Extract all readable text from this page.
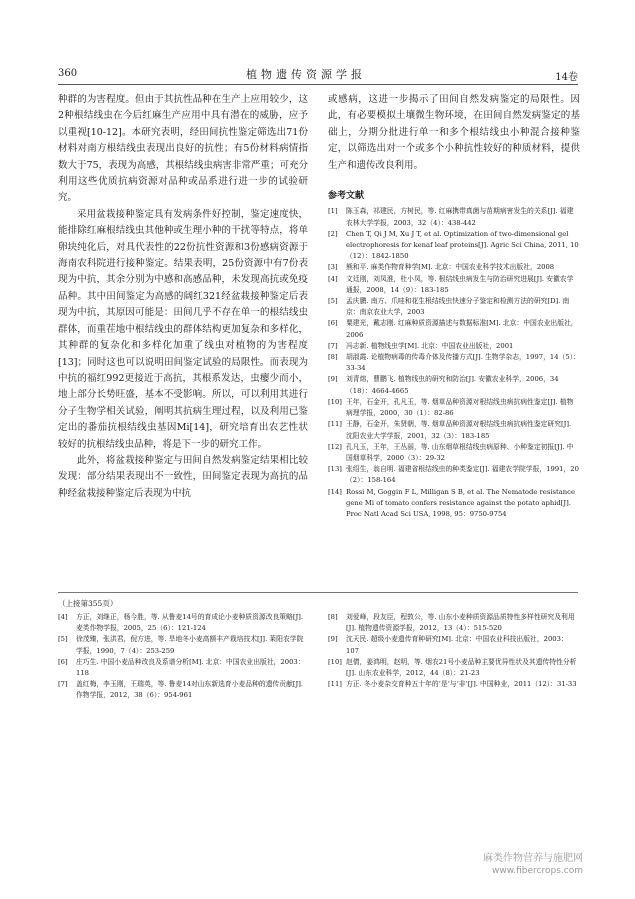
360	植物遗传资源学报	14卷

种群的为害程度。但由于其抗性品种在生产上应用较少，这2种根结线虫在今后红麻生产应用中具有潜在的威胁，应予以重视[10-12]。本研究表明，经田间抗性鉴定筛选出71份材料对南方根结线虫表现出良好的抗性；有5份材料病情指数大于75，表现为高感，其根结线虫病害非常严重；可充分利用这些优质抗病资源对品种或品系进行进一步的试验研究。

采用盆栽接种鉴定具有发病条件好控制，鉴定速度快，能排除红麻根结线虫其他种或生理小种的干扰等特点，将单卵块纯化后，对具代表性的22份抗性资源和3份感病资源于海南农科院进行接种鉴定。结果表明，25份资源中有7份表现为中抗，其余分别为中感和高感品种，未发现高抗或免疫品种。其中田间鉴定为高感的阔红321经盆栽接种鉴定后表现为中抗，其原因可能是：田间几乎不存在单一的根结线虫群体，而重茬地中根结线虫的群体结构更加复杂和多样化，其种群的复杂化和多样化加重了线虫对植物的为害程度[13]；同时这也可以说明田间鉴定试验的局限性。而表现为中抗的福红992更接近于高抗，其根系发达，虫瘿少而小，地上部分长势旺盛，基本不受影响。所以，可以利用其进行分子生物学相关试验，阐明其抗病生理过程，以及利用已鉴定出的番茄抗根结线虫基因Mi[14]，研究培育出农艺性状较好的抗根结线虫品种，将是下一步的研究工作。

此外，将盆栽接种鉴定与田间自然发病鉴定结果相比较发现：部分结果表现出不一致性，田间鉴定表现为高抗的品种经盆栽接种鉴定后表现为中抗

或感病，这进一步揭示了田间自然发病鉴定的局限性。因此，有必要模拟土壤微生物环境，在田间自然发病鉴定的基础上，分期分批进行单一和多个根结线虫小种混合接种鉴定，以筛选出对一个或多个小种抗性较好的种质材料，提供生产和遗传改良利用。

参考文献
[1] 陈玉森，祁建民，方树民，等. 红麻携带真菌与苗期病害发生的关系[J]. 福建农林大学学报，2003，32（4）：438-442
[2] Chen T, Qi J M, Xu J T, et al. Optimization of two-dimensional gel electrophoresis for kenaf leaf proteins[J]. Agric Sci China, 2011, 10（12）：1842-1850
[3] 熊和平. 麻类作物育种学[M]. 北京：中国农业科学技术出版社，2008
[4] 文廷刚，刘凤淮，杜小凤，等. 根结线虫病发生与防治研究进展[J]. 安徽农学通报，2008，14（9）：183-185
[5] 孟庆鹏. 南方、爪哇和花生根结线虫快速分子鉴定和检测方法的研究[D]. 南京：南京农业大学，2003
[6] 粟建光，戴志刚. 红麻种质资源描述与数据标准[M]. 北京：中国农业出版社，2006
[7] 冯志新. 植物线虫学[M]. 北京：中国农业出版社，2001
[8] 胡淑霞. 论植物病毒的传毒介体及传播方式[J]. 生物学杂志，1997，14（5）：33-34
[9] 刘青熔，曹鹏飞. 植物线虫的研究和防治[J]. 安徽农业科学，2006，34（18）：4664-4665
[10] 王年，石金开，孔凡玉，等. 烟草品种资源对根结线虫病抗病性鉴定[J]. 植物病理学报，2000，30（1）：82-86
[11] 王静，石金开，朱贤朝，等. 烟草品种资源对根结线虫病抗病性鉴定研究[J]. 沈阳农业大学学报，2001，32（3）：183-185
[12] 孔凡玉，王年，王丛丽，等. 山东烟草根结线虫病原种、小种鉴定初报[J]. 中国烟草科学，2000（3）：29-32
[13] 张绍生，翁自明. 福建省根结线虫的种类鉴定[J]. 福建农学院学报，1991，20（2）：158-164
[14] Rossi M, Goggin F L, Milligan S B, et al. The Nematode resistance gene Mi of tomato confers resistance against the potato aphid[J]. Proc Natl Acad Sci USA, 1998, 95：9750-9754
（上接第355页）
[4] 方正，刘继正，杨今胜，等. 从鲁麦14号的育成论小麦种质资源改良策略[J]. 麦类作物学报，2005，25（6）：121-124
[5] 徐茂臻，张洪君，倪方进，等. 旱地冬小麦高额丰产栽培技术[J]. 莱阳农学院学报，1990，7（4）：253-259
[6] 庄巧生. 中国小麦品种改良及系谱分析[M]. 北京：中国农业出版社，2003：118
[7] 盖红梅，李玉刚，王瑞英，等. 鲁麦14对山东新选育小麦品种的遗传贡献[J]. 作物学报，2012，38（6）：954-961
[8] 刘爱峰，段友臣，程敦公，等. 山东小麦种质资源品质特性多样性研究及利用[J]. 植物遗传资源学报，2012，13（4）：515-520
[9] 沈天民. 超级小麦遗传育种研究[M]. 北京：中国农业科技出版社，2003：107
[10] 赵倩，姜鸿明，赵明，等. 烟农21号小麦品种主要优异性状及其遗传特性分析[J]. 山东农业科学，2012，44（8）：21-23
[11] 方正. 冬小麦杂交育种五十年的‘是’与‘非’[J]. 中国种业，2011（12）：31-33
麻类作物营养与施肥网
www.fibercrops.com
